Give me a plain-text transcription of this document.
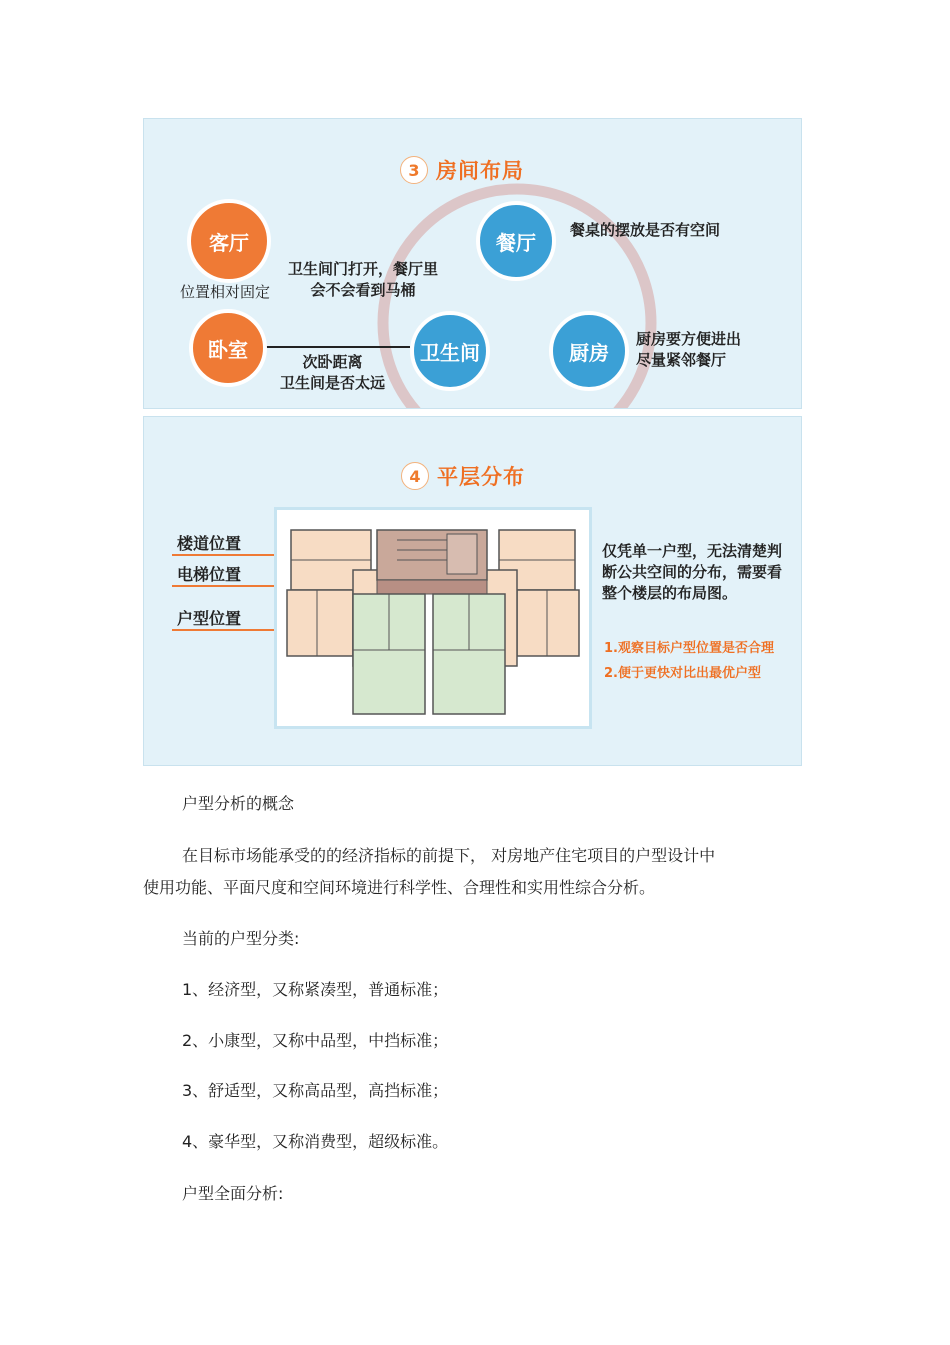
3 房间布局
客厅
位置相对固定
餐厅
餐桌的摆放是否有空间
卫生间门打开，餐厅里
会不会看到马桶
卧室	卫生间
次卧距离
卫生间是否太远
厨房
厨房要方便进出
尽量紧邻餐厅
4 平层分布
楼道位置
电梯位置
户型位置
仅凭单一户型，无法清楚判断公共空间的分布，需要看整个楼层的布局图。
1.观察目标户型位置是否合理
2.便于更快对比出最优户型
户型分析的概念
在目标市场能承受的的经济指标的前提下， 对房地产住宅项目的户型设计中
使用功能、平面尺度和空间环境进行科学性、合理性和实用性综合分析。
当前的户型分类:
1、经济型，又称紧凑型，普通标准；
2、小康型，又称中品型，中挡标准；
3、舒适型，又称高品型，高挡标准；
4、豪华型，又称消费型，超级标准。
户型全面分析:
